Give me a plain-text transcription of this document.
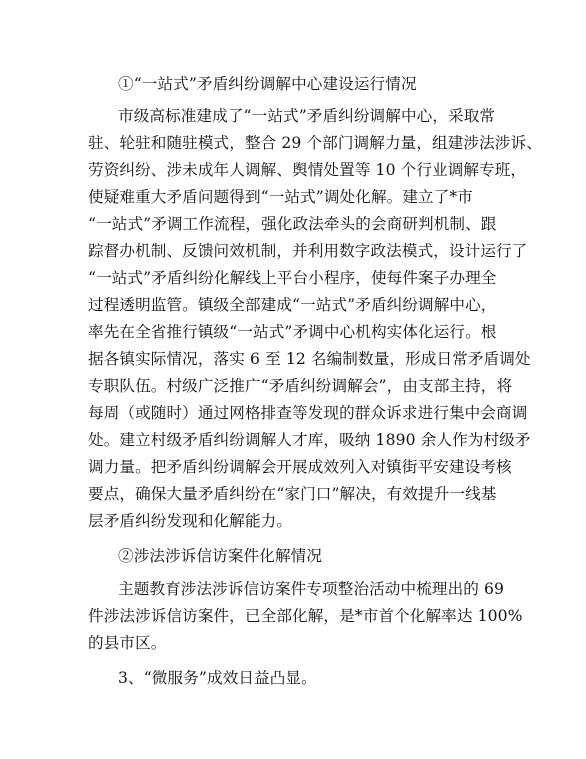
①“一站式”矛盾纠纷调解中心建设运行情况
市级高标准建成了“一站式”矛盾纠纷调解中心，采取常
驻、轮驻和随驻模式，整合 29 个部门调解力量，组建涉法涉诉、
劳资纠纷、涉未成年人调解、舆情处置等 10 个行业调解专班，
使疑难重大矛盾问题得到“一站式”调处化解。建立了*市
“一站式”矛调工作流程，强化政法牵头的会商研判机制、跟
踪督办机制、反馈问效机制，并利用数字政法模式，设计运行了
“一站式”矛盾纠纷化解线上平台小程序，使每件案子办理全
过程透明监管。镇级全部建成“一站式”矛盾纠纷调解中心，
率先在全省推行镇级“一站式”矛调中心机构实体化运行。根
据各镇实际情况，落实 6 至 12 名编制数量，形成日常矛盾调处
专职队伍。村级广泛推广“矛盾纠纷调解会”，由支部主持，将
每周（或随时）通过网格排查等发现的群众诉求进行集中会商调
处。建立村级矛盾纠纷调解人才库，吸纳 1890 余人作为村级矛
调力量。把矛盾纠纷调解会开展成效列入对镇街平安建设考核
要点，确保大量矛盾纠纷在“家门口”解决，有效提升一线基
层矛盾纠纷发现和化解能力。
②涉法涉诉信访案件化解情况
主题教育涉法涉诉信访案件专项整治活动中梳理出的 69
件涉法涉诉信访案件，已全部化解，是*市首个化解率达 100%
的县市区。
3、“微服务”成效日益凸显。
